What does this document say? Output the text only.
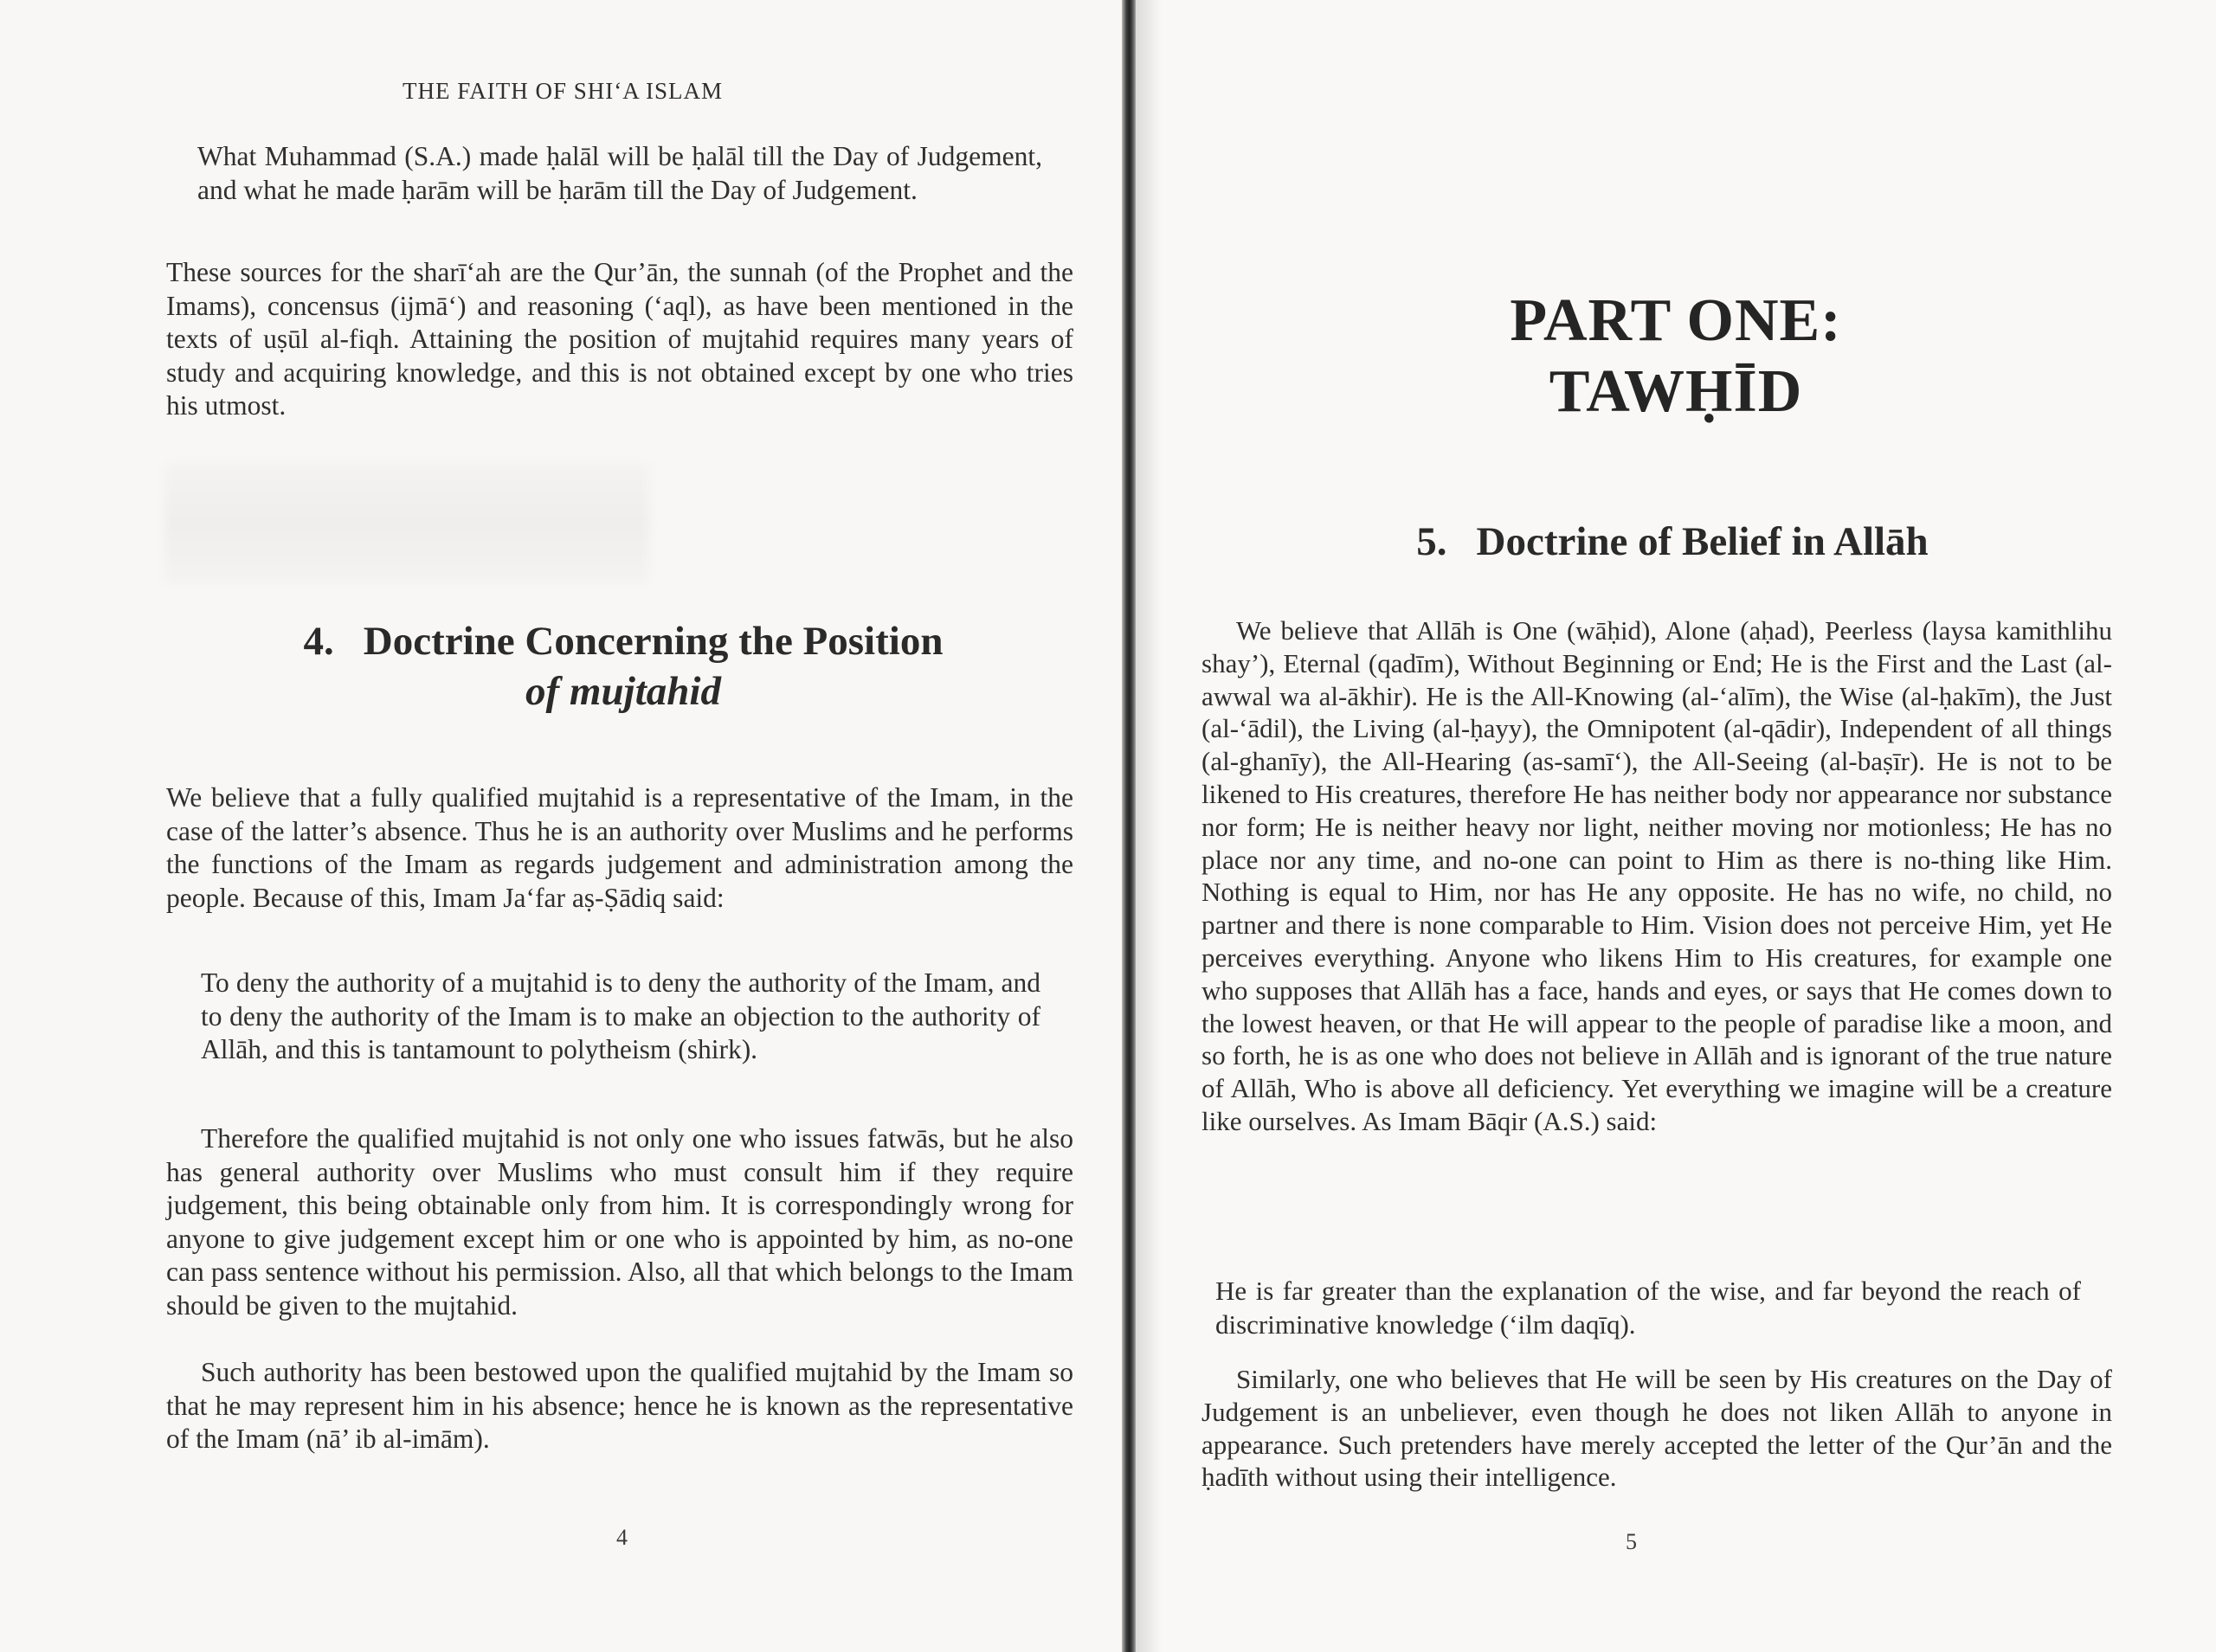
THE FAITH OF SHI‘A ISLAM
What Muhammad (S.A.) made ḥalāl will be ḥalāl till the Day of Judgement, and what he made ḥarām will be ḥarām till the Day of Judgement.
These sources for the sharī‘ah are the Qur’ān, the sunnah (of the Prophet and the Imams), concensus (ijmā‘) and reasoning (‘aql), as have been mentioned in the texts of uṣūl al-fiqh. Attaining the position of mujtahid requires many years of study and acquiring knowledge, and this is not obtained except by one who tries his utmost.
4. Doctrine Concerning the Position
of mujtahid
We believe that a fully qualified mujtahid is a representative of the Imam, in the case of the latter’s absence. Thus he is an authority over Muslims and he performs the functions of the Imam as regards judgement and administration among the people. Because of this, Imam Ja‘far aṣ-Ṣādiq said:
To deny the authority of a mujtahid is to deny the authority of the Imam, and to deny the authority of the Imam is to make an objection to the authority of Allāh, and this is tantamount to polytheism (shirk).
Therefore the qualified mujtahid is not only one who issues fatwās, but he also has general authority over Muslims who must consult him if they require judgement, this being obtainable only from him. It is correspondingly wrong for anyone to give judgement except him or one who is appointed by him, as no-one can pass sentence without his permission. Also, all that which belongs to the Imam should be given to the mujtahid.
Such authority has been bestowed upon the qualified mujtahid by the Imam so that he may represent him in his absence; hence he is known as the representative of the Imam (nā’ ib al-imām).
4
PART ONE:
TAWḤĪD
5. Doctrine of Belief in Allāh
We believe that Allāh is One (wāḥid), Alone (aḥad), Peerless (laysa kamithlihu shay’), Eternal (qadīm), Without Beginning or End; He is the First and the Last (al-awwal wa al-ākhir). He is the All-Knowing (al-‘alīm), the Wise (al-ḥakīm), the Just (al-‘ādil), the Living (al-ḥayy), the Omnipotent (al-qādir), Independent of all things (al-ghanīy), the All-Hearing (as-samī‘), the All-Seeing (al-baṣīr). He is not to be likened to His creatures, therefore He has neither body nor appearance nor substance nor form; He is neither heavy nor light, neither moving nor motionless; He has no place nor any time, and no-one can point to Him as there is no-thing like Him. Nothing is equal to Him, nor has He any opposite. He has no wife, no child, no partner and there is none comparable to Him. Vision does not perceive Him, yet He perceives everything. Anyone who likens Him to His creatures, for example one who supposes that Allāh has a face, hands and eyes, or says that He comes down to the lowest heaven, or that He will appear to the people of paradise like a moon, and so forth, he is as one who does not believe in Allāh and is ignorant of the true nature of Allāh, Who is above all deficiency. Yet everything we imagine will be a creature like ourselves. As Imam Bāqir (A.S.) said:
He is far greater than the explanation of the wise, and far beyond the reach of discriminative knowledge (‘ilm daqīq).
Similarly, one who believes that He will be seen by His creatures on the Day of Judgement is an unbeliever, even though he does not liken Allāh to anyone in appearance. Such pretenders have merely accepted the letter of the Qur’ān and the ḥadīth without using their intelligence.
5
